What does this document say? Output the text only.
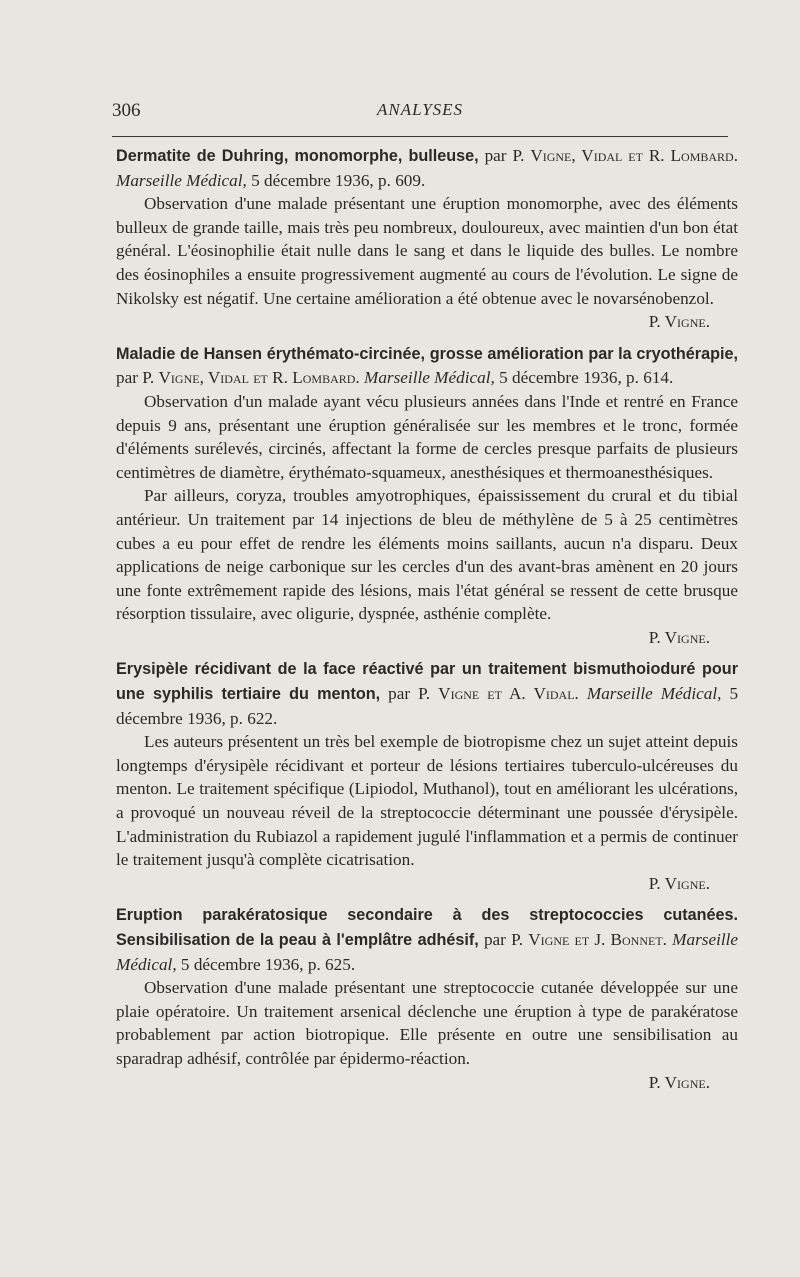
306	ANALYSES

Dermatite de Duhring, monomorphe, bulleuse, par P. Vigne, Vidal et R. Lombard. Marseille Médical, 5 décembre 1936, p. 609.

Observation d'une malade présentant une éruption monomorphe, avec des éléments bulleux de grande taille, mais très peu nombreux, douloureux, avec maintien d'un bon état général. L'éosinophilie était nulle dans le sang et dans le liquide des bulles. Le nombre des éosinophiles a ensuite progressivement augmenté au cours de l'évolution. Le signe de Nikolsky est négatif. Une certaine amélioration a été obtenue avec le novarsénobenzol.

P. Vigne.

Maladie de Hansen érythémato-circinée, grosse amélioration par la cryothérapie, par P. Vigne, Vidal et R. Lombard. Marseille Médical, 5 décembre 1936, p. 614.

Observation d'un malade ayant vécu plusieurs années dans l'Inde et rentré en France depuis 9 ans, présentant une éruption généralisée sur les membres et le tronc, formée d'éléments surélevés, circinés, affectant la forme de cercles presque parfaits de plusieurs centimètres de diamètre, érythémato-squameux, anesthésiques et thermoanesthésiques.

Par ailleurs, coryza, troubles amyotrophiques, épaississement du crural et du tibial antérieur. Un traitement par 14 injections de bleu de méthylène de 5 à 25 centimètres cubes a eu pour effet de rendre les éléments moins saillants, aucun n'a disparu. Deux applications de neige carbonique sur les cercles d'un des avant-bras amènent en 20 jours une fonte extrêmement rapide des lésions, mais l'état général se ressent de cette brusque résorption tissulaire, avec oligurie, dyspnée, asthénie complète.

P. Vigne.

Erysipèle récidivant de la face réactivé par un traitement bismuthoioduré pour une syphilis tertiaire du menton, par P. Vigne et A. Vidal. Marseille Médical, 5 décembre 1936, p. 622.

Les auteurs présentent un très bel exemple de biotropisme chez un sujet atteint depuis longtemps d'érysipèle récidivant et porteur de lésions tertiaires tuberculo-ulcéreuses du menton. Le traitement spécifique (Lipiodol, Muthanol), tout en améliorant les ulcérations, a provoqué un nouveau réveil de la streptococcie déterminant une poussée d'érysipèle. L'administration du Rubiazol a rapidement jugulé l'inflammation et a permis de continuer le traitement jusqu'à complète cicatrisation.

P. Vigne.

Eruption parakératosique secondaire à des streptococcies cutanées. Sensibilisation de la peau à l'emplâtre adhésif, par P. Vigne et J. Bonnet. Marseille Médical, 5 décembre 1936, p. 625.

Observation d'une malade présentant une streptococcie cutanée développée sur une plaie opératoire. Un traitement arsenical déclenche une éruption à type de parakératose probablement par action biotropique. Elle présente en outre une sensibilisation au sparadrap adhésif, contrôlée par épidermo-réaction.

P. Vigne.
